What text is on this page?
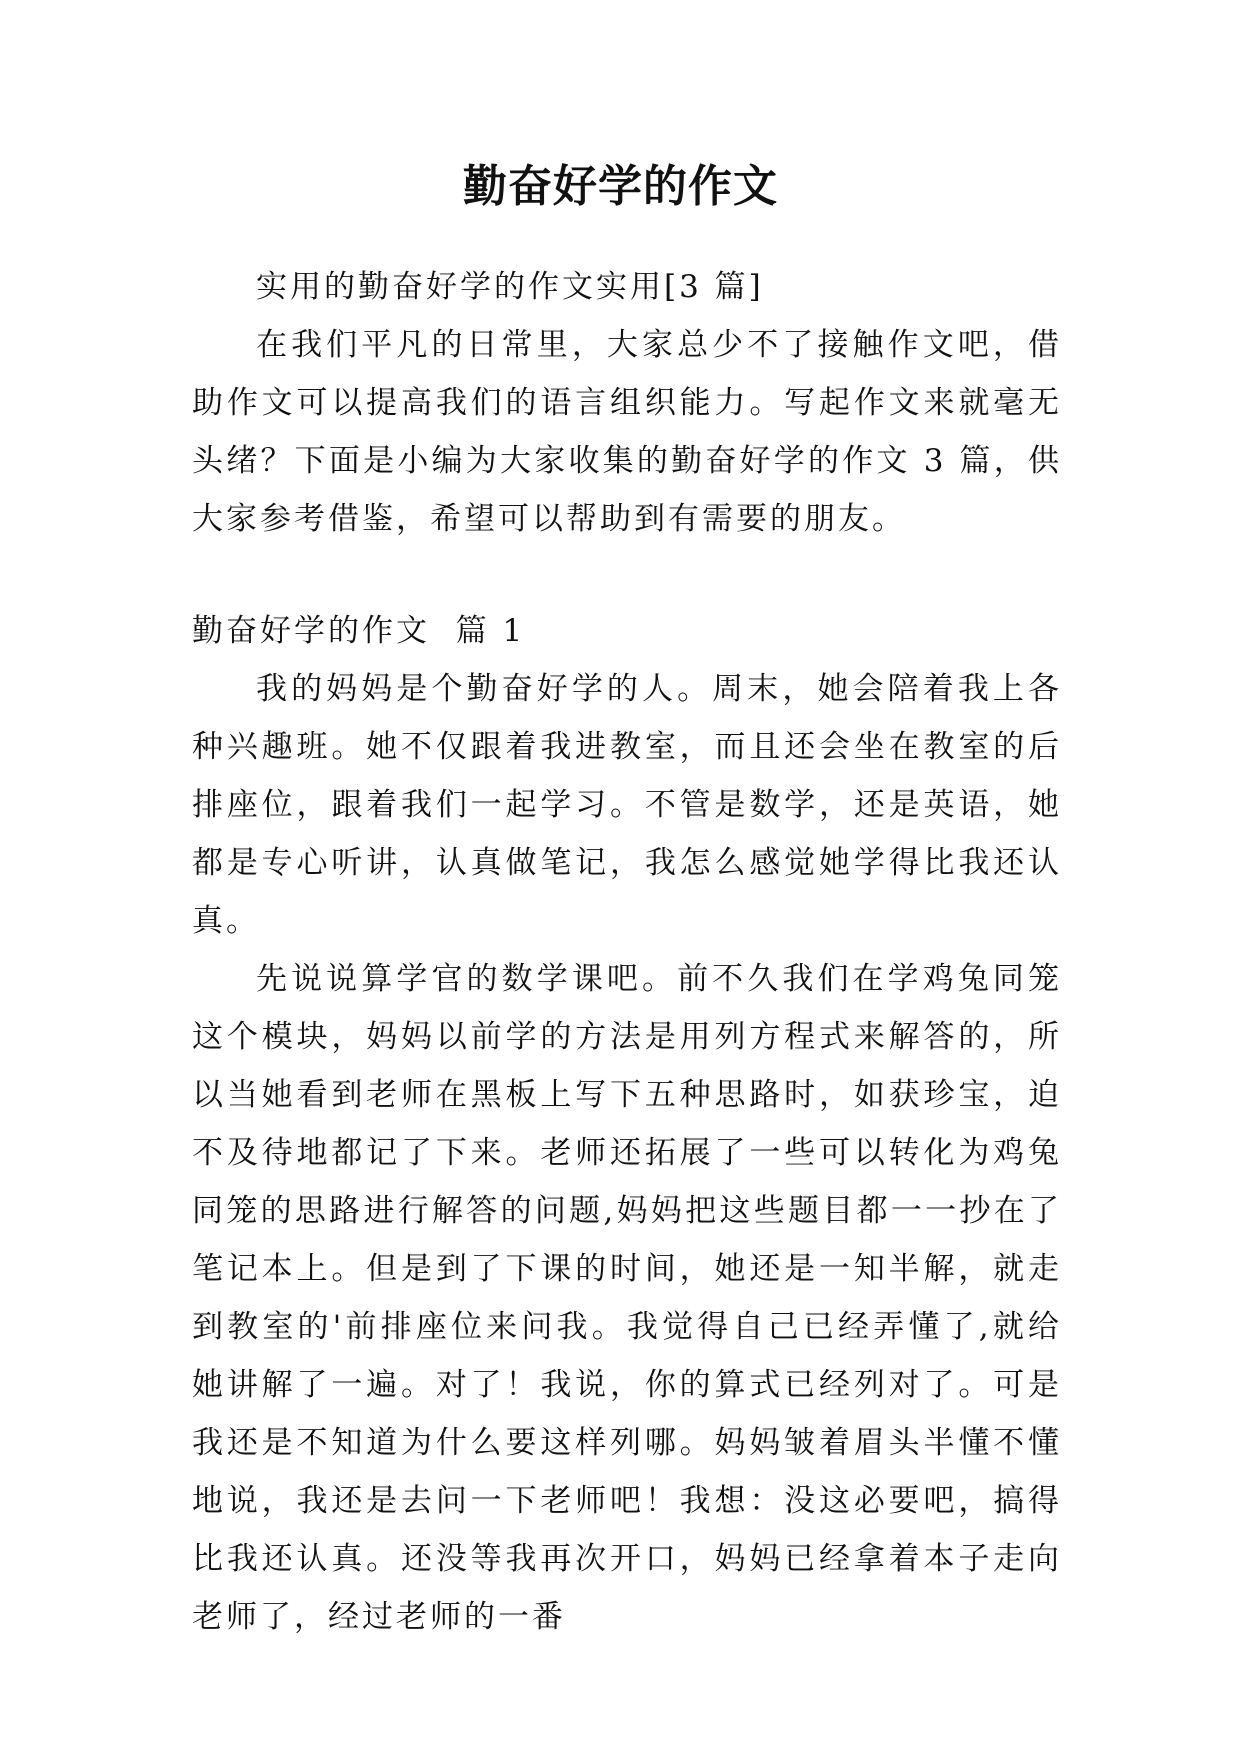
勤奋好学的作文

实用的勤奋好学的作文实用[3 篇]

在我们平凡的日常里，大家总少不了接触作文吧，借助作文可以提高我们的语言组织能力。写起作文来就毫无头绪？下面是小编为大家收集的勤奋好学的作文 3 篇，供大家参考借鉴，希望可以帮助到有需要的朋友。

勤奋好学的作文  篇 1

我的妈妈是个勤奋好学的人。周末，她会陪着我上各种兴趣班。她不仅跟着我进教室，而且还会坐在教室的后排座位，跟着我们一起学习。不管是数学，还是英语，她都是专心听讲，认真做笔记，我怎么感觉她学得比我还认真。

先说说算学官的数学课吧。前不久我们在学鸡兔同笼这个模块，妈妈以前学的方法是用列方程式来解答的，所以当她看到老师在黑板上写下五种思路时，如获珍宝，迫不及待地都记了下来。老师还拓展了一些可以转化为鸡兔同笼的思路进行解答的问题,妈妈把这些题目都一一抄在了笔记本上。但是到了下课的时间，她还是一知半解，就走到教室的'前排座位来问我。我觉得自己已经弄懂了,就给她讲解了一遍。对了！我说，你的算式已经列对了。可是我还是不知道为什么要这样列哪。妈妈皱着眉头半懂不懂地说，我还是去问一下老师吧！我想：没这必要吧，搞得比我还认真。还没等我再次开口，妈妈已经拿着本子走向老师了，经过老师的一番
